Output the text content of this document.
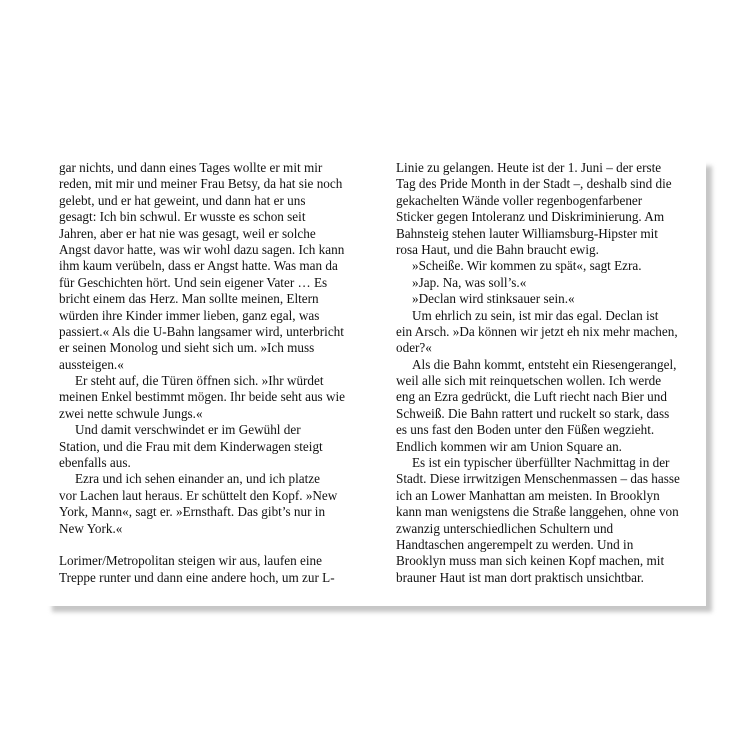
gar nichts, und dann eines Tages wollte er mit mir
reden, mit mir und meiner Frau Betsy, da hat sie noch
gelebt, und er hat geweint, und dann hat er uns
gesagt: Ich bin schwul. Er wusste es schon seit
Jahren, aber er hat nie was gesagt, weil er solche
Angst davor hatte, was wir wohl dazu sagen. Ich kann
ihm kaum verübeln, dass er Angst hatte. Was man da
für Geschichten hört. Und sein eigener Vater … Es
bricht einem das Herz. Man sollte meinen, Eltern
würden ihre Kinder immer lieben, ganz egal, was
passiert.« Als die U-Bahn langsamer wird, unterbricht
er seinen Monolog und sieht sich um. »Ich muss
aussteigen.«
Er steht auf, die Türen öffnen sich. »Ihr würdet
meinen Enkel bestimmt mögen. Ihr beide seht aus wie
zwei nette schwule Jungs.«
Und damit verschwindet er im Gewühl der
Station, und die Frau mit dem Kinderwagen steigt
ebenfalls aus.
Ezra und ich sehen einander an, und ich platze
vor Lachen laut heraus. Er schüttelt den Kopf. »New
York, Mann«, sagt er. »Ernsthaft. Das gibt’s nur in
New York.«
Lorimer/Metropolitan steigen wir aus, laufen eine
Treppe runter und dann eine andere hoch, um zur L-
Linie zu gelangen. Heute ist der 1. Juni – der erste
Tag des Pride Month in der Stadt –, deshalb sind die
gekachelten Wände voller regenbogenfarbener
Sticker gegen Intoleranz und Diskriminierung. Am
Bahnsteig stehen lauter Williamsburg-Hipster mit
rosa Haut, und die Bahn braucht ewig.
»Scheiße. Wir kommen zu spät«, sagt Ezra.
»Jap. Na, was soll’s.«
»Declan wird stinksauer sein.«
Um ehrlich zu sein, ist mir das egal. Declan ist
ein Arsch. »Da können wir jetzt eh nix mehr machen,
oder?«
Als die Bahn kommt, entsteht ein Riesengerangel,
weil alle sich mit reinquetschen wollen. Ich werde
eng an Ezra gedrückt, die Luft riecht nach Bier und
Schweiß. Die Bahn rattert und ruckelt so stark, dass
es uns fast den Boden unter den Füßen wegzieht.
Endlich kommen wir am Union Square an.
Es ist ein typischer überfüllter Nachmittag in der
Stadt. Diese irrwitzigen Menschenmassen – das hasse
ich an Lower Manhattan am meisten. In Brooklyn
kann man wenigstens die Straße langgehen, ohne von
zwanzig unterschiedlichen Schultern und
Handtaschen angerempelt zu werden. Und in
Brooklyn muss man sich keinen Kopf machen, mit
brauner Haut ist man dort praktisch unsichtbar.
